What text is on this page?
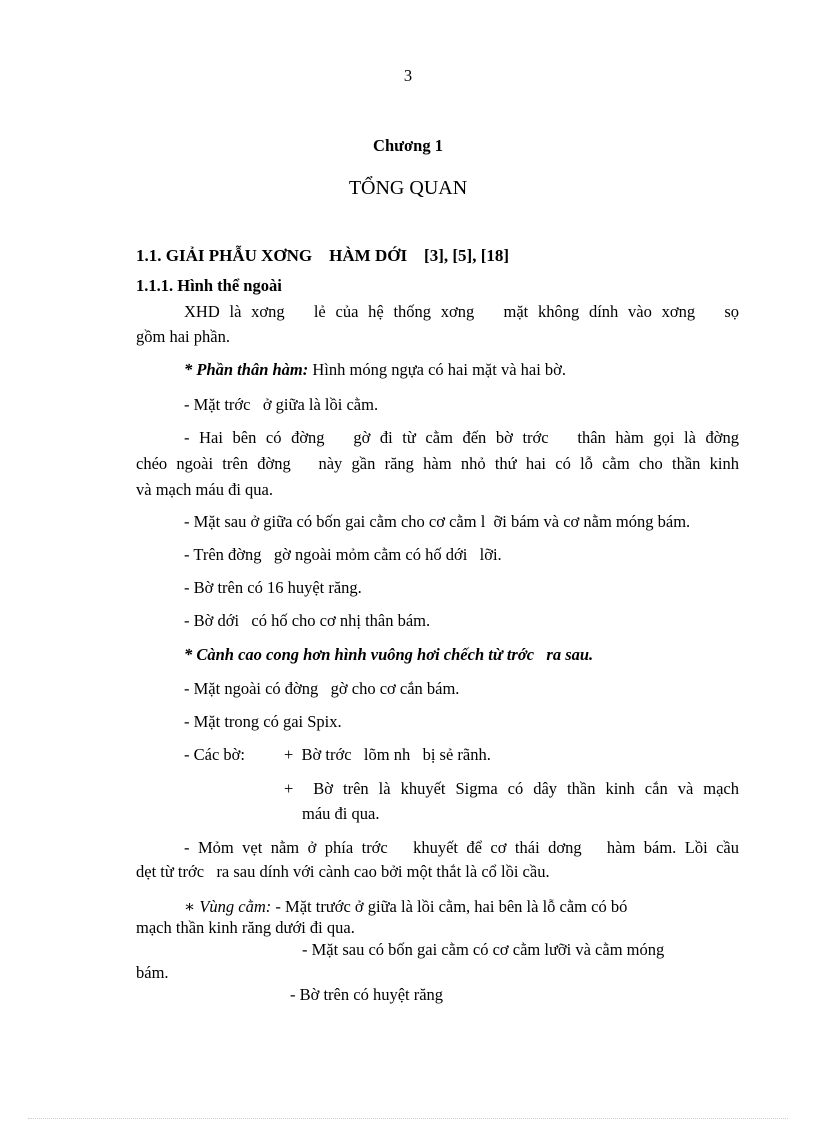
3
Chương 1
TỔNG QUAN
1.1. GIẢI PHẪU XƠNG    HÀM DỚI    [3], [5], [18]
1.1.1. Hình thể ngoài
XHD là xơng   lẻ của hệ thống xơng   mặt không dính vào xơng   sọ
gồm hai phần.
* Phần thân hàm: Hình móng ngựa có hai mặt và hai bờ.
- Mặt trớc   ở giữa là lồi cằm.
- Hai bên có đờng   gờ đi từ cằm đến bờ trớc   thân hàm gọi là đờng
chéo ngoài trên đờng   này gần răng hàm nhỏ thứ hai có lỗ cằm cho thần kinh
và mạch máu đi qua.
- Mặt sau ở giữa có bốn gai cằm cho cơ cằm l  ỡi bám và cơ nằm móng bám.
- Trên đờng   gờ ngoài mỏm cằm có hố dới   lỡi.
- Bờ trên có 16 huyệt răng.
- Bờ dới   có hố cho cơ nhị thân bám.
* Cành cao cong hơn hình vuông hơi chếch từ trớc   ra sau.
- Mặt ngoài có đờng   gờ cho cơ cắn bám.
- Mặt trong có gai Spix.
- Các bờ: +  Bờ trớc   lõm nh   bị sẻ rãnh.
+  Bờ trên là khuyết Sigma có dây thần kinh cắn và mạch
máu đi qua.
- Mỏm vẹt nằm ở phía trớc   khuyết để cơ thái dơng   hàm bám. Lồi cầu
dẹt từ trớc   ra sau dính với cành cao bởi một thắt là cổ lồi cầu.
∗ Vùng cằm: - Mặt trước ở giữa là lồi cằm, hai bên là lỗ cằm có bó
mạch thần kinh răng dưới đi qua.
- Mặt sau có bốn gai cằm có cơ cằm lưỡi và cằm móng
bám.
- Bờ trên có huyệt răng
